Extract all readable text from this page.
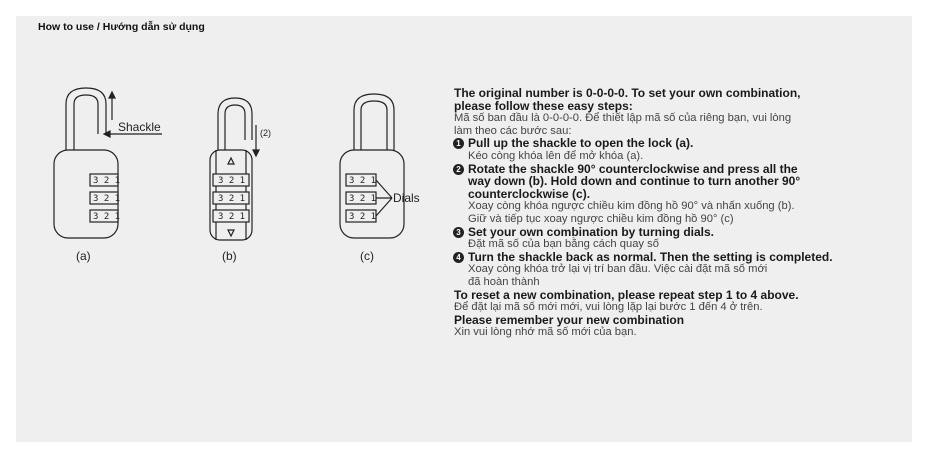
How to use / Hướng dẫn sử dụng
3 2 1
3 2 1
3 2 1
3 2 1
3 2 1
3 2 1
3 2 1
3 2 1
3 2 1
Shackle	(2)
Dials
(a)	(b)	(c)
The original number is 0-0-0-0. To set your own combination,
please follow these easy steps:
Mã số ban đầu là 0-0-0-0. Để thiết lập mã số của riêng bạn, vui lòng
làm theo các bước sau:
1 Pull up the shackle to open the lock (a).
Kéo còng khóa lên để mở khóa (a).
2 Rotate the shackle 90° counterclockwise and press all the
way down (b). Hold down and continue to turn another 90°
counterclockwise (c).
Xoay còng khóa ngược chiều kim đồng hồ 90° và nhấn xuống (b).
Giữ và tiếp tục xoay ngược chiều kim đồng hồ 90° (c)
3 Set your own combination by turning dials.
Đặt mã số của bạn bằng cách quay số
4 Turn the shackle back as normal. Then the setting is completed.
Xoay còng khóa trở lại vị trí ban đầu. Việc cài đặt mã số mới
đã hoàn thành
To reset a new combination, please repeat step 1 to 4 above.
Để đặt lại mã số mới mới, vui lòng lặp lại bước 1 đến 4 ở trên.
Please remember your new combination
Xin vui lòng nhớ mã số mới của bạn.
